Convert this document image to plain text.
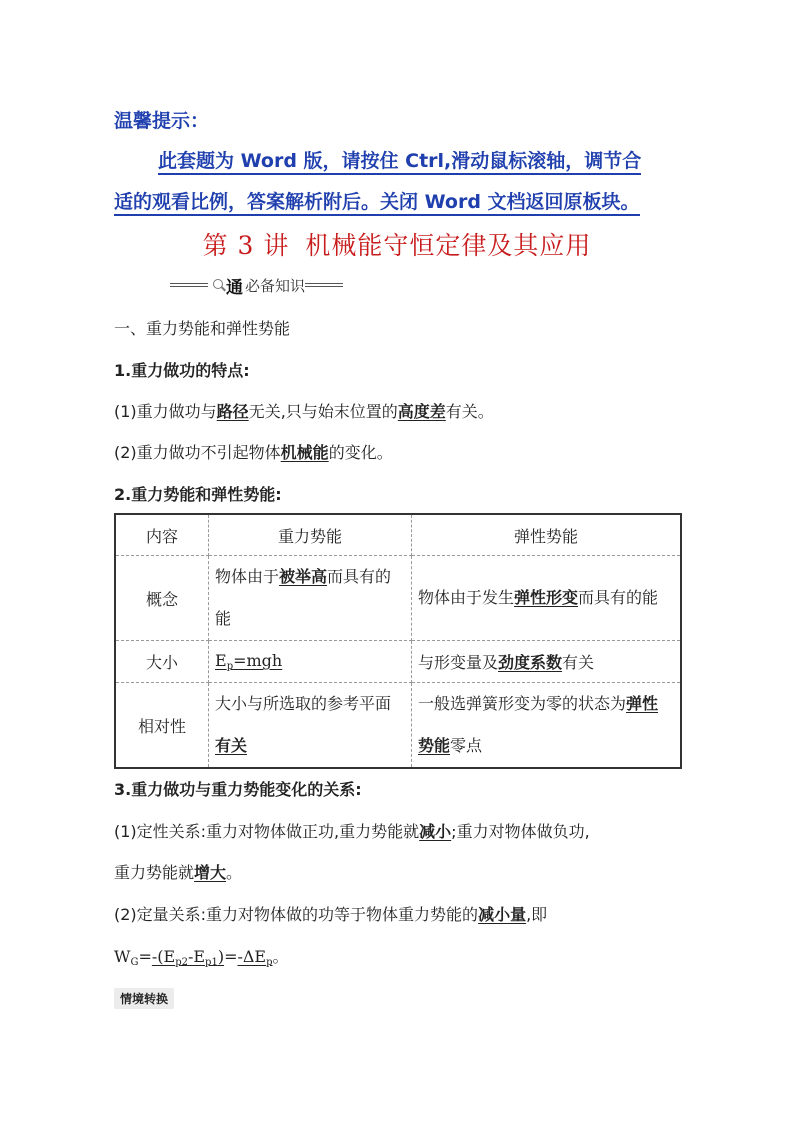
温馨提示：
此套题为 Word 版，请按住 Ctrl,滑动鼠标滚轴，调节合
适的观看比例，答案解析附后。关闭 Word 文档返回原板块。
第 3 讲 机械能守恒定律及其应用
通 必备知识
一、重力势能和弹性势能
1.重力做功的特点:
(1)重力做功与路径无关,只与始末位置的高度差有关。
(2)重力做功不引起物体机械能的变化。
2.重力势能和弹性势能:
内容	重力势能	弹性势能
概念	物体由于被举高而具有的能	物体由于发生弹性形变而具有的能
大小	$E_p=mgh$	与形变量及劲度系数有关
相对性	大小与所选取的参考平面有关	一般选弹簧形变为零的状态为弹性势能零点
3.重力做功与重力势能变化的关系:
(1)定性关系:重力对物体做正功,重力势能就减小;重力对物体做负功,
重力势能就增大。
(2)定量关系:重力对物体做的功等于物体重力势能的减小量,即
$W_G=-(E_{p2}-E_{p1})=-\Delta E_p$。
情境转换
